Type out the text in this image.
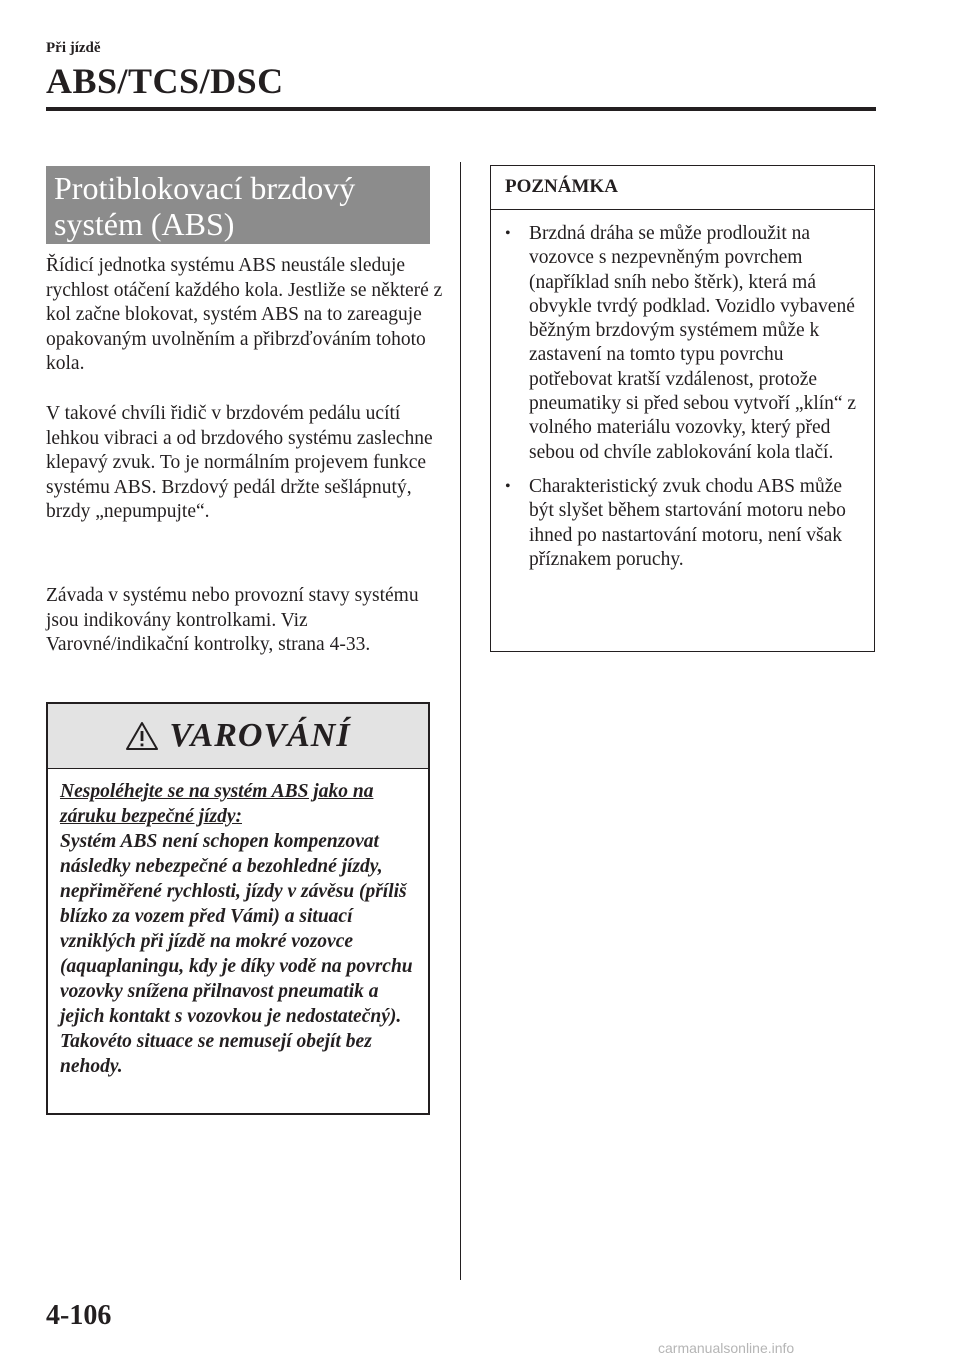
Při jízdě
ABS/TCS/DSC
Protiblokovací brzdový
systém (ABS)

Řídicí jednotka systému ABS neustále sleduje rychlost otáčení každého kola. Jestliže se některé z kol začne blokovat, systém ABS na to zareaguje opakovaným uvolněním a přibrzďováním tohoto kola.

V takové chvíli řidič v brzdovém pedálu ucítí lehkou vibraci a od brzdového systému zaslechne klepavý zvuk. To je normálním projevem funkce systému ABS. Brzdový pedál držte sešlápnutý, brzdy „nepumpujte“.

Závada v systému nebo provozní stavy systému jsou indikovány kontrolkami. Viz Varovné/indikační kontrolky, strana 4-33.

VAROVÁNÍ
Nespoléhejte se na systém ABS jako na záruku bezpečné jízdy:
Systém ABS není schopen kompenzovat následky nebezpečné a bezohledné jízdy, nepřiměřené rychlosti, jízdy v závěsu (příliš blízko za vozem před Vámi) a situací vzniklých při jízdě na mokré vozovce (aquaplaningu, kdy je díky vodě na povrchu vozovky snížena přilnavost pneumatik a jejich kontakt s vozovkou je nedostatečný). Takovéto situace se nemusejí obejít bez nehody.
POZNÁMKA
• Brzdná dráha se může prodloužit na vozovce s nezpevněným povrchem (například sníh nebo štěrk), která má obvykle tvrdý podklad. Vozidlo vybavené běžným brzdovým systémem může k zastavení na tomto typu povrchu potřebovat kratší vzdálenost, protože pneumatiky si před sebou vytvoří „klín“ z volného materiálu vozovky, který před sebou od chvíle zablokování kola tlačí.
• Charakteristický zvuk chodu ABS může být slyšet během startování motoru nebo ihned po nastartování motoru, není však příznakem poruchy.
4-106
carmanualsonline.info
